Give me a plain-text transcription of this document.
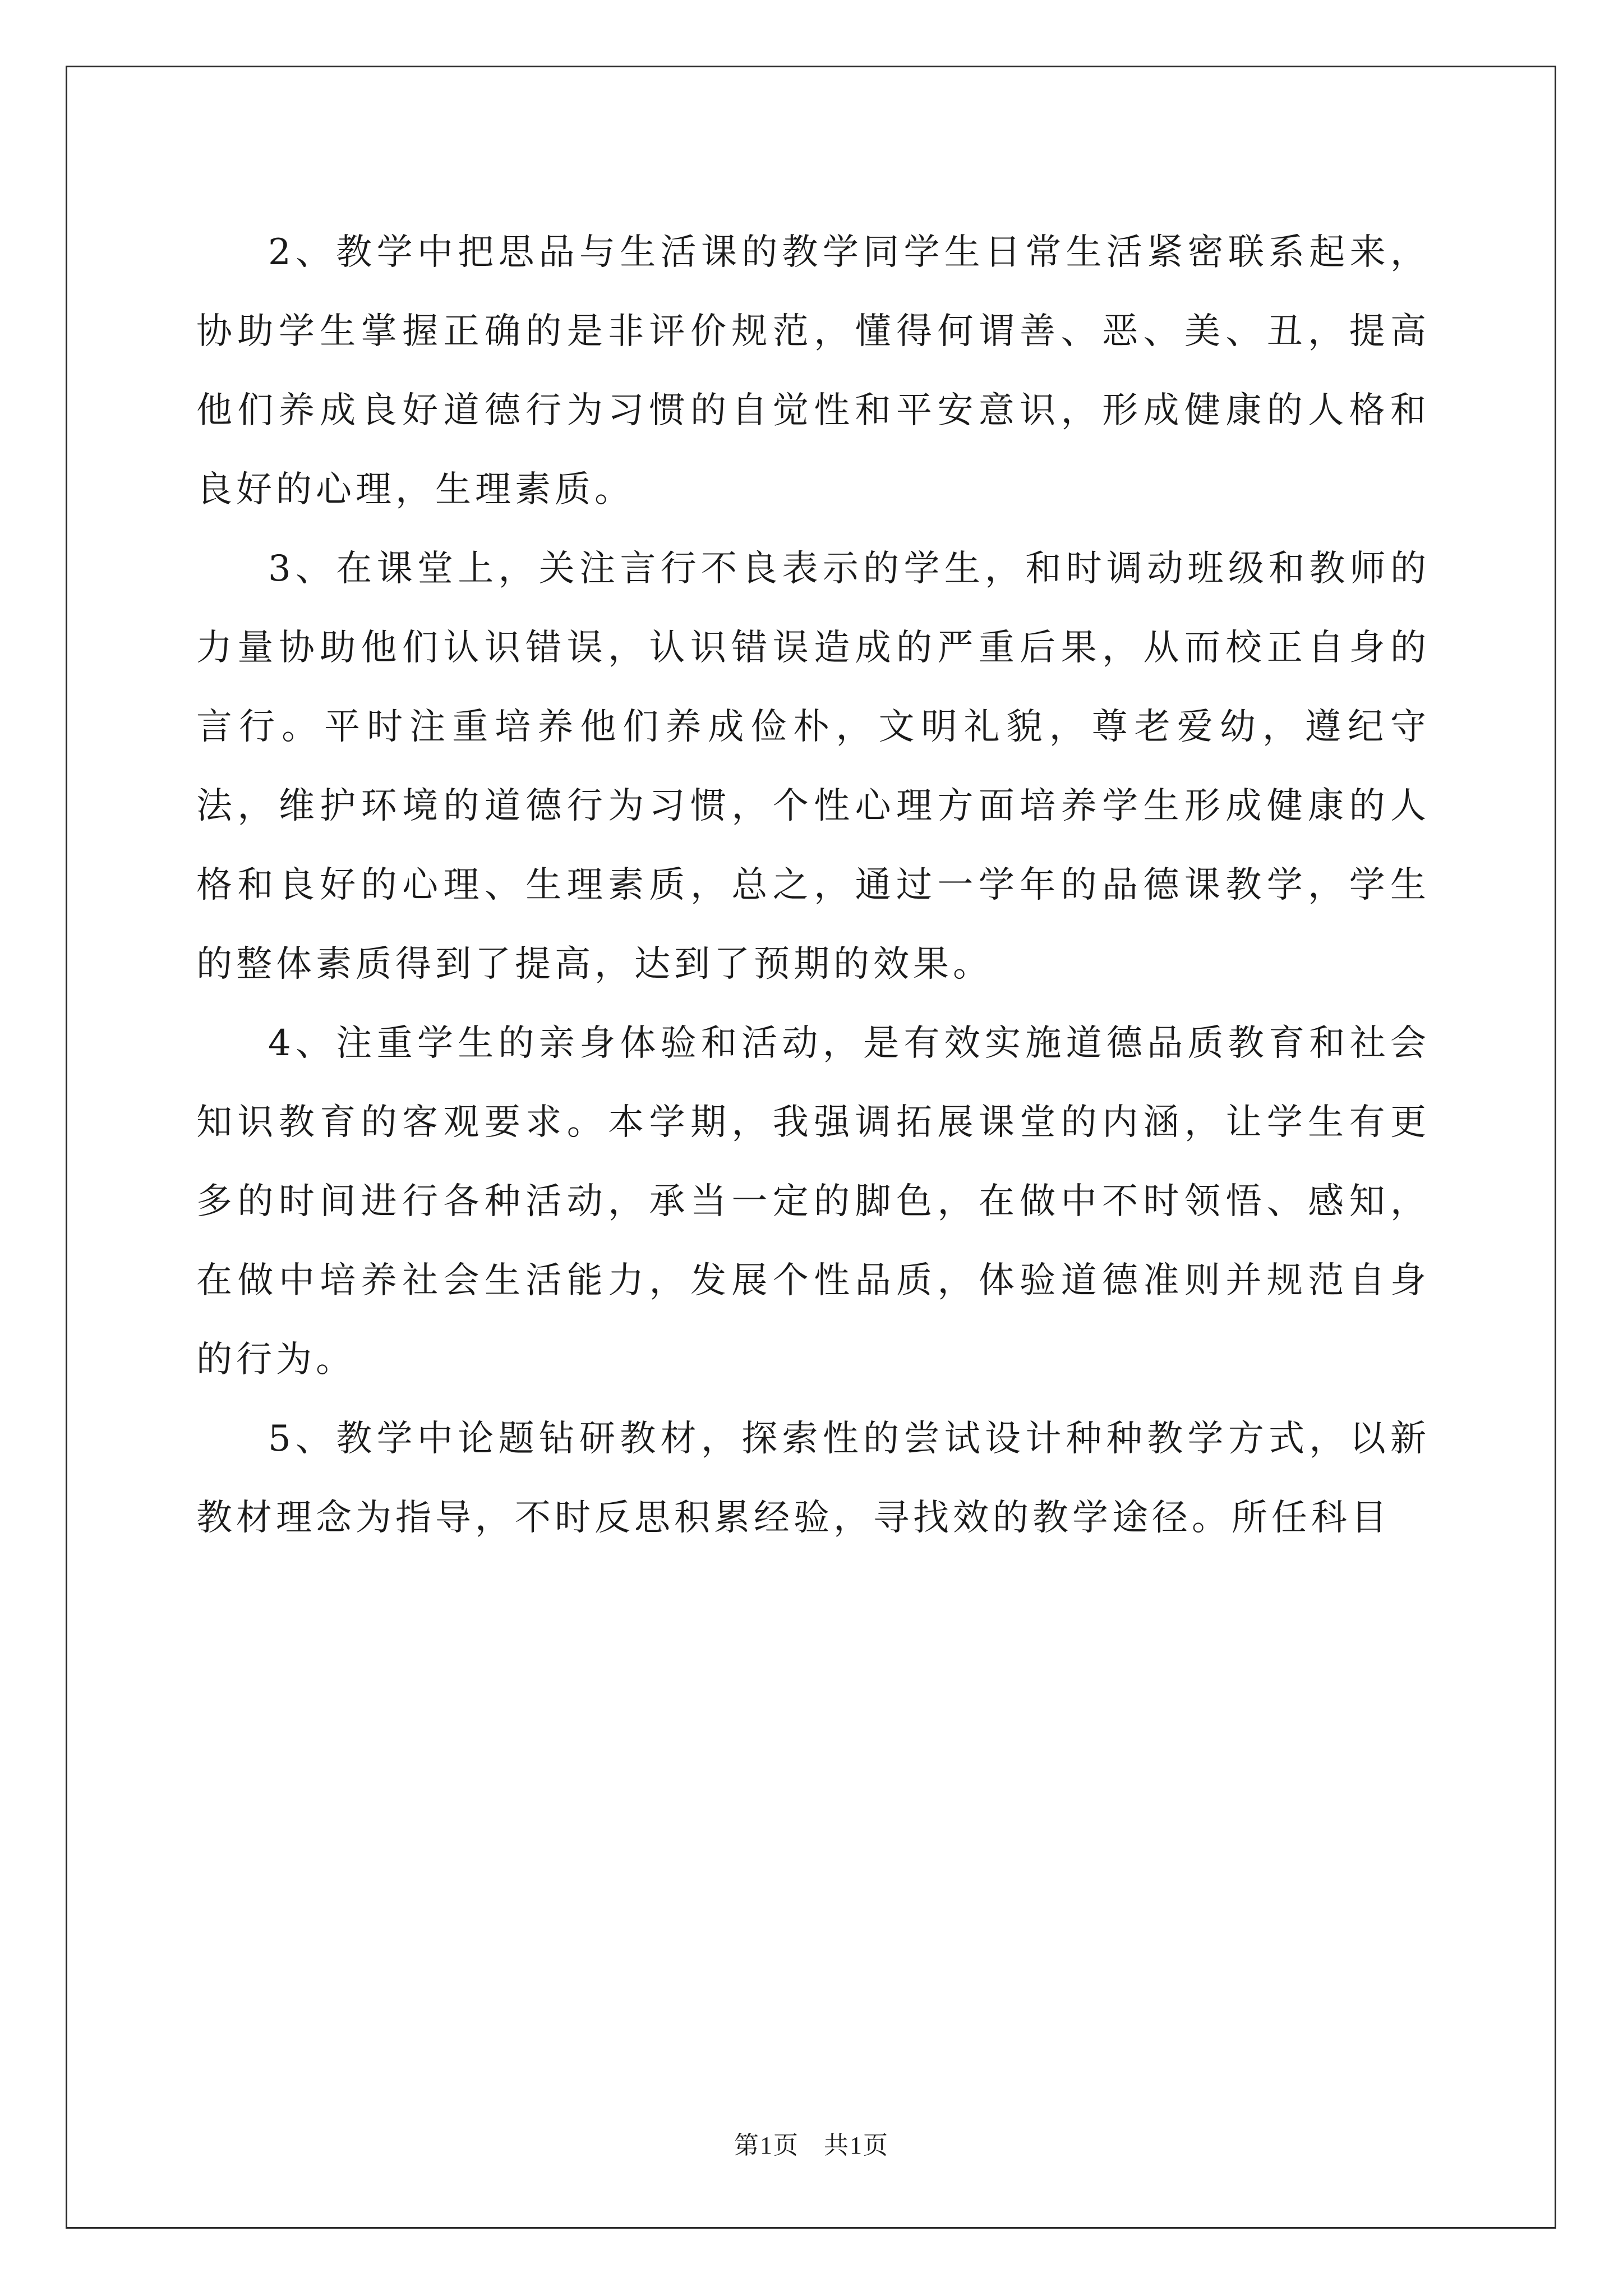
2、教学中把思品与生活课的教学同学生日常生活紧密联系起来，协助学生掌握正确的是非评价规范，懂得何谓善、恶、美、丑，提高他们养成良好道德行为习惯的自觉性和平安意识，形成健康的人格和良好的心理，生理素质。

3、在课堂上，关注言行不良表示的学生，和时调动班级和教师的力量协助他们认识错误，认识错误造成的严重后果，从而校正自身的言行。平时注重培养他们养成俭朴，文明礼貌，尊老爱幼，遵纪守法，维护环境的道德行为习惯，个性心理方面培养学生形成健康的人格和良好的心理、生理素质，总之，通过一学年的品德课教学，学生的整体素质得到了提高，达到了预期的效果。

4、注重学生的亲身体验和活动，是有效实施道德品质教育和社会知识教育的客观要求。本学期，我强调拓展课堂的内涵，让学生有更多的时间进行各种活动，承当一定的脚色，在做中不时领悟、感知，在做中培养社会生活能力，发展个性品质，体验道德准则并规范自身的行为。

5、教学中论题钻研教材，探索性的尝试设计种种教学方式，以新教材理念为指导，不时反思积累经验，寻找效的教学途径。所任科目

第1页 共1页
